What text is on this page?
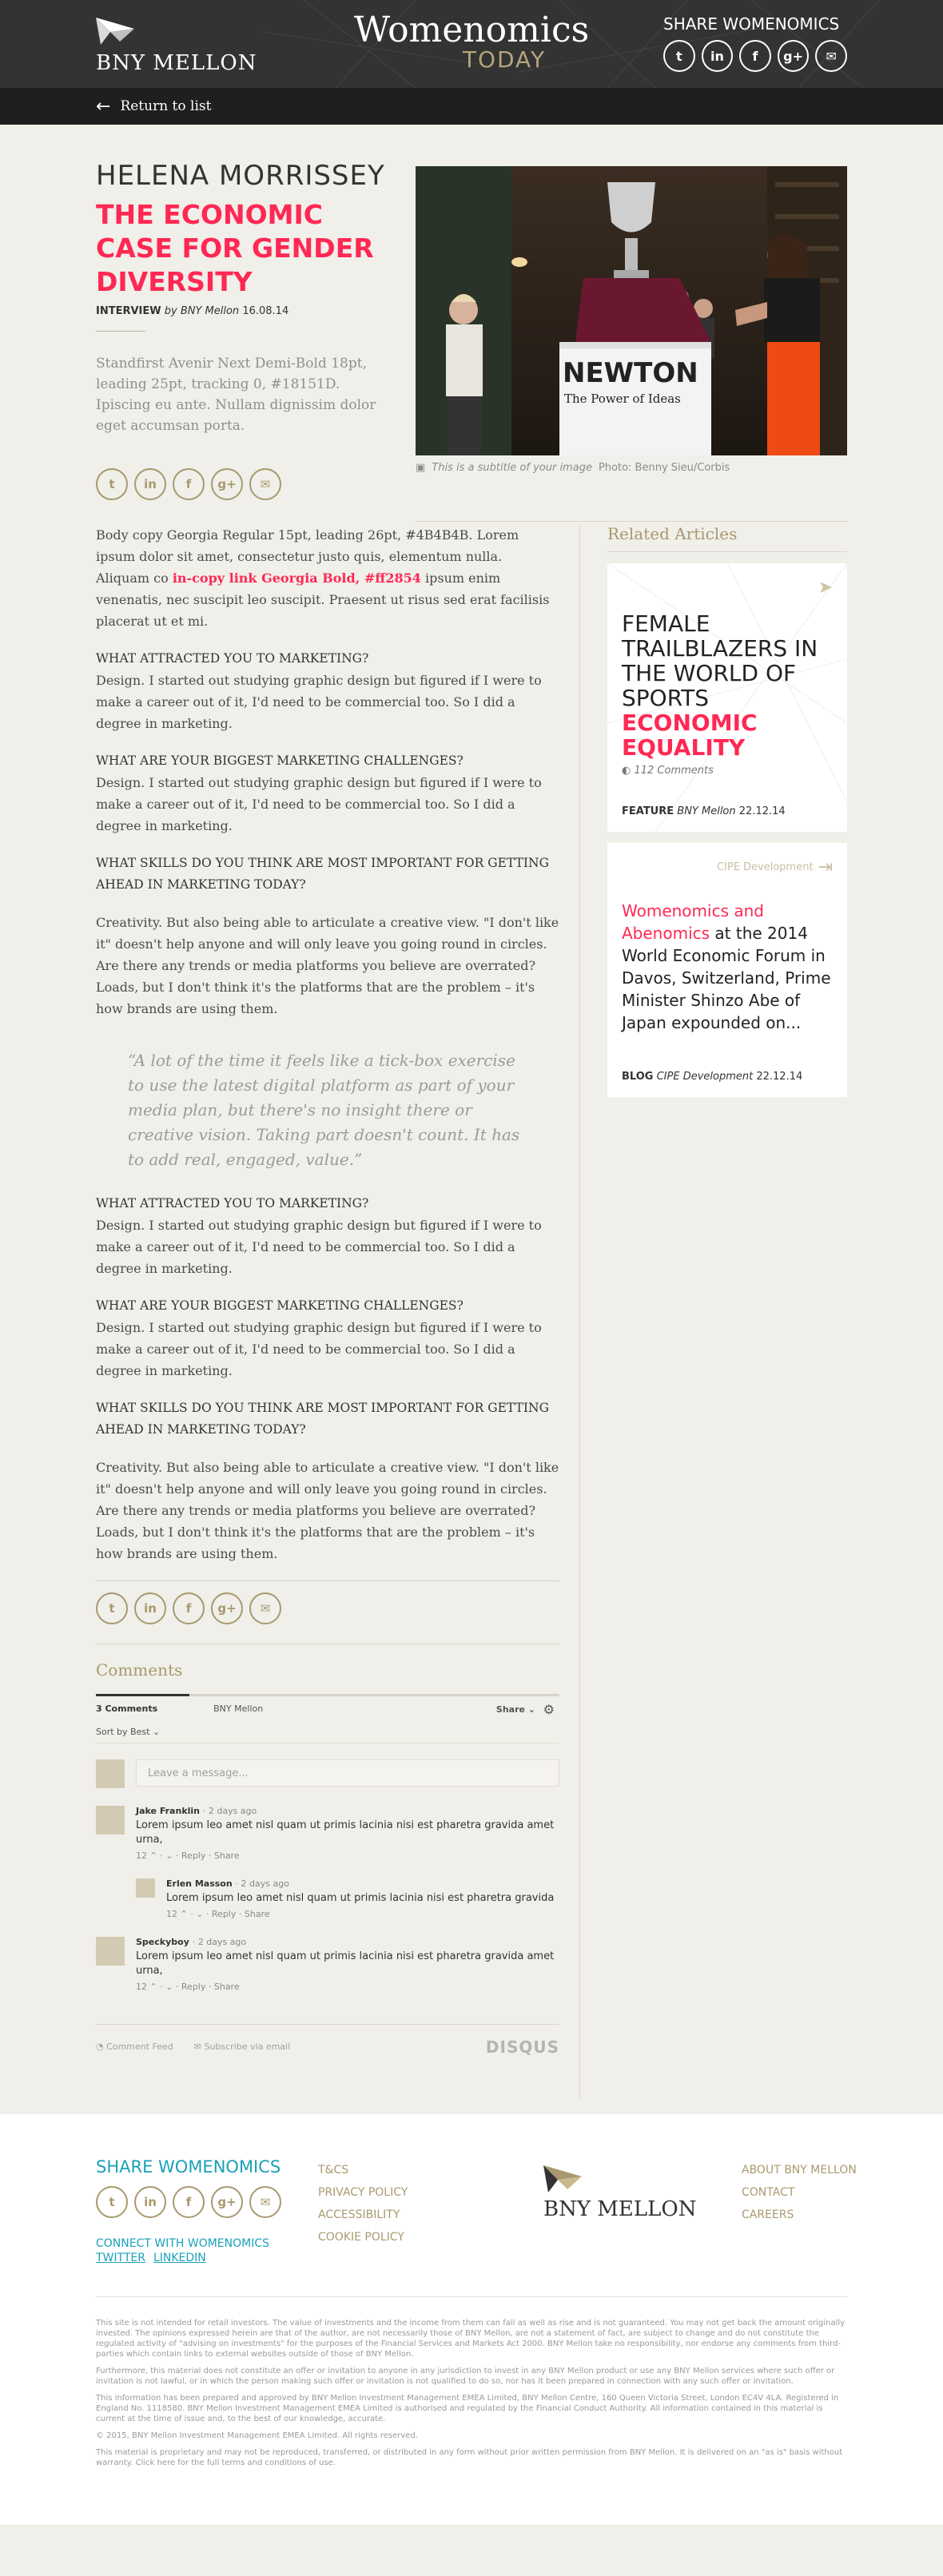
BNY MELLON
Womenomics
TODAY
SHARE WOMENOMICS
t	in	f	g+	✉
← Return to list
HELENA MORRISSEY
THE ECONOMIC CASE FOR GENDER DIVERSITY
INTERVIEW by BNY Mellon 16.08.14

Standfirst Avenir Next Demi-Bold 18pt, leading 25pt, tracking 0, #18151D. Ipiscing eu ante. Nullam dignissim dolor eget accumsan porta.

t	in	f	g+	✉
NEWTON
The Power of Ideas
▣ This is a subtitle of your image Photo: Benny Sieu/Corbis

Body copy Georgia Regular 15pt, leading 26pt, #4B4B4B. Lorem ipsum dolor sit amet, consectetur justo quis, elementum nulla. Aliquam co in-copy link Georgia Bold, #ff2854 ipsum enim venenatis, nec suscipit leo suscipit. Praesent ut risus sed erat facilisis placerat ut et mi.

WHAT ATTRACTED YOU TO MARKETING?

Design. I started out studying graphic design but figured if I were to make a career out of it, I'd need to be commercial too. So I did a degree in marketing.

WHAT ARE YOUR BIGGEST MARKETING CHALLENGES?

Design. I started out studying graphic design but figured if I were to make a career out of it, I'd need to be commercial too. So I did a degree in marketing.

WHAT SKILLS DO YOU THINK ARE MOST IMPORTANT FOR GETTING AHEAD IN MARKETING TODAY?

Creativity. But also being able to articulate a creative view. "I don't like it" doesn't help anyone and will only leave you going round in circles. Are there any trends or media platforms you believe are overrated? Loads, but I don't think it's the platforms that are the problem – it's how brands are using them.

“A lot of the time it feels like a tick-box exercise to use the latest digital platform as part of your media plan, but there's no insight there or creative vision. Taking part doesn't count. It has to add real, engaged, value.”
WHAT ATTRACTED YOU TO MARKETING?

Design. I started out studying graphic design but figured if I were to make a career out of it, I'd need to be commercial too. So I did a degree in marketing.

WHAT ARE YOUR BIGGEST MARKETING CHALLENGES?

Design. I started out studying graphic design but figured if I were to make a career out of it, I'd need to be commercial too. So I did a degree in marketing.

WHAT SKILLS DO YOU THINK ARE MOST IMPORTANT FOR GETTING AHEAD IN MARKETING TODAY?

Creativity. But also being able to articulate a creative view. "I don't like it" doesn't help anyone and will only leave you going round in circles. Are there any trends or media platforms you believe are overrated? Loads, but I don't think it's the platforms that are the problem – it's how brands are using them.

t	in	f	g+	✉
Comments
3 Comments	BNY Mellon	Share ⌄ ⚙
Sort by Best ⌄
Leave a message...
Jake Franklin · 2 days ago
Lorem ipsum leo amet nisl quam ut primis lacinia nisi est pharetra gravida amet urna,
12 ⌃ · ⌄ · Reply · Share
Erlen Masson · 2 days ago
Lorem ipsum leo amet nisl quam ut primis lacinia nisi est pharetra gravida
12 ⌃ · ⌄ · Reply · Share
Speckyboy · 2 days ago
Lorem ipsum leo amet nisl quam ut primis lacinia nisi est pharetra gravida amet urna,
12 ⌃ · ⌄ · Reply · Share
◔ Comment Feed ✉ Subscribe via email	DISQUS
Related Articles
➤
FEMALE TRAILBLAZERS IN THE WORLD OF SPORTS
ECONOMIC EQUALITY
◐ 112 Comments
FEATURE BNY Mellon 22.12.14
CIPE Development ⇥
Womenomics and Abenomics at the 2014 World Economic Forum in Davos, Switzerland, Prime Minister Shinzo Abe of Japan expounded on...
BLOG CIPE Development 22.12.14
SHARE WOMENOMICS
t	in	f	g+	✉
CONNECT WITH WOMENOMICS
TWITTER LINKEDIN
T&CS
PRIVACY POLICY
ACCESSIBILITY
COOKIE POLICY
BNY MELLON
ABOUT BNY MELLON
CONTACT
CAREERS

This site is not intended for retail investors. The value of investments and the income from them can fall as well as rise and is not guaranteed. You may not get back the amount originally invested. The opinions expressed herein are that of the author, are not necessarily those of BNY Mellon, are not a statement of fact, are subject to change and do not constitute the regulated activity of "advising on investments" for the purposes of the Financial Services and Markets Act 2000. BNY Mellon take no responsibility, nor endorse any comments from third-parties which contain links to external websites outside of those of BNY Mellon.

Furthermore, this material does not constitute an offer or invitation to anyone in any jurisdiction to invest in any BNY Mellon product or use any BNY Mellon services where such offer or invitation is not lawful, or in which the person making such offer or invitation is not qualified to do so, nor has it been prepared in connection with any such offer or invitation.

This information has been prepared and approved by BNY Mellon Investment Management EMEA Limited, BNY Mellon Centre, 160 Queen Victoria Street, London EC4V 4LA. Registered in England No. 1118580. BNY Mellon Investment Management EMEA Limited is authorised and regulated by the Financial Conduct Authority. All information contained in this material is current at the time of issue and, to the best of our knowledge, accurate.

© 2015, BNY Mellon Investment Management EMEA Limited. All rights reserved.

This material is proprietary and may not be reproduced, transferred, or distributed in any form without prior written permission from BNY Mellon. It is delivered on an "as is" basis without warranty. Click here for the full terms and conditions of use.
